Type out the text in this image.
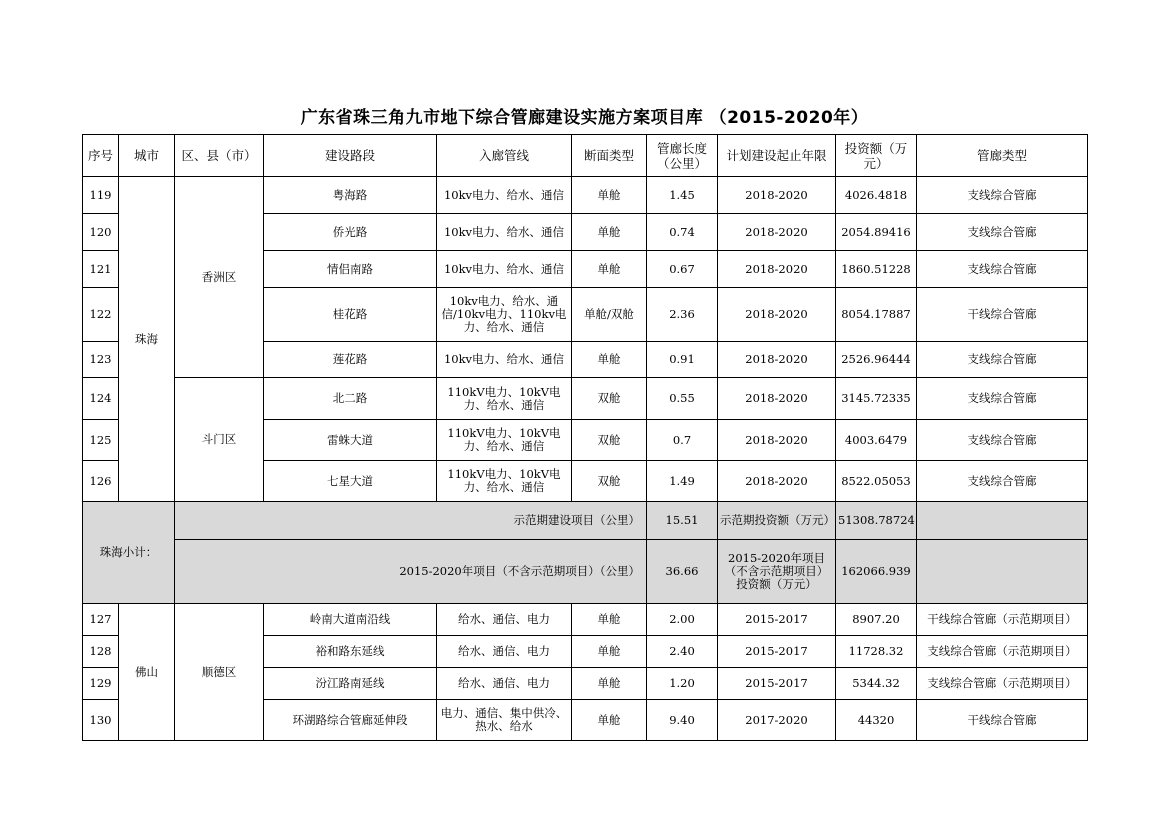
广东省珠三角九市地下综合管廊建设实施方案项目库 （2015-2020年）
序号	城市	区、县（市）	建设路段	入廊管线	断面类型	管廊长度（公里）	计划建设起止年限	投资额（万元）	管廊类型
119	珠海	香洲区	粤海路	10kv电力、给水、通信	单舱	1.45	2018-2020	4026.4818	支线综合管廊
120			侨光路	10kv电力、给水、通信	单舱	0.74	2018-2020	2054.89416	支线综合管廊
121			情侣南路	10kv电力、给水、通信	单舱	0.67	2018-2020	1860.51228	支线综合管廊
122			桂花路	10kv电力、给水、通信/10kv电力、110kv电力、给水、通信	单舱/双舱	2.36	2018-2020	8054.17887	干线综合管廊
123			莲花路	10kv电力、给水、通信	单舱	0.91	2018-2020	2526.96444	支线综合管廊
124		斗门区	北二路	110kV电力、10kV电力、给水、通信	双舱	0.55	2018-2020	3145.72335	支线综合管廊
125			雷蛛大道	110kV电力、10kV电力、给水、通信	双舱	0.7	2018-2020	4003.6479	支线综合管廊
126			七星大道	110kV电力、10kV电力、给水、通信	双舱	1.49	2018-2020	8522.05053	支线综合管廊
珠海小计：		示范期建设项目（公里）				15.51	示范期投资额（万元）	51308.78724	
		2015-2020年项目（不含示范期项目）（公里）				36.66	2015-2020年项目（不含示范期项目）投资额（万元）	162066.939	
127	佛山	顺德区	岭南大道南沿线	给水、通信、电力	单舱	2.00	2015-2017	8907.20	干线综合管廊（示范期项目）
128			裕和路东延线	给水、通信、电力	单舱	2.40	2015-2017	11728.32	支线综合管廊（示范期项目）
129			汾江路南延线	给水、通信、电力	单舱	1.20	2015-2017	5344.32	支线综合管廊（示范期项目）
130			环湖路综合管廊延伸段	电力、通信、集中供冷、热水、给水	单舱	9.40	2017-2020	44320	干线综合管廊
